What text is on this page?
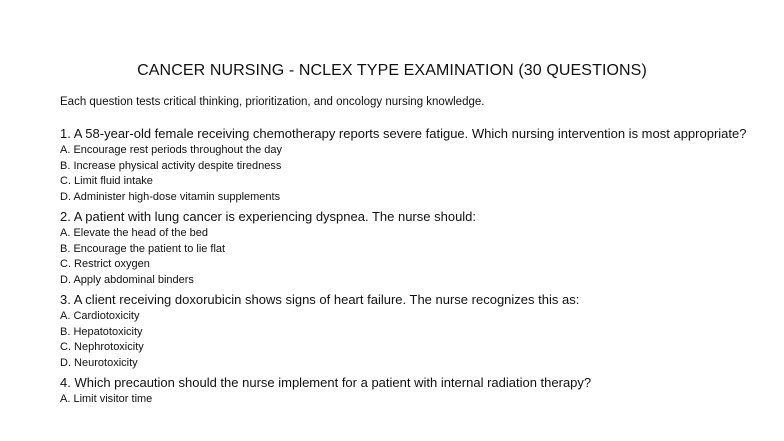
CANCER NURSING - NCLEX TYPE EXAMINATION (30 QUESTIONS)
Each question tests critical thinking, prioritization, and oncology nursing knowledge.

1. A 58-year-old female receiving chemotherapy reports severe fatigue. Which nursing intervention is most appropriate?

A. Encourage rest periods throughout the day
B. Increase physical activity despite tiredness
C. Limit fluid intake
D. Administer high-dose vitamin supplements

2. A patient with lung cancer is experiencing dyspnea. The nurse should:

A. Elevate the head of the bed
B. Encourage the patient to lie flat
C. Restrict oxygen
D. Apply abdominal binders

3. A client receiving doxorubicin shows signs of heart failure. The nurse recognizes this as:

A. Cardiotoxicity
B. Hepatotoxicity
C. Nephrotoxicity
D. Neurotoxicity

4. Which precaution should the nurse implement for a patient with internal radiation therapy?

A. Limit visitor time
